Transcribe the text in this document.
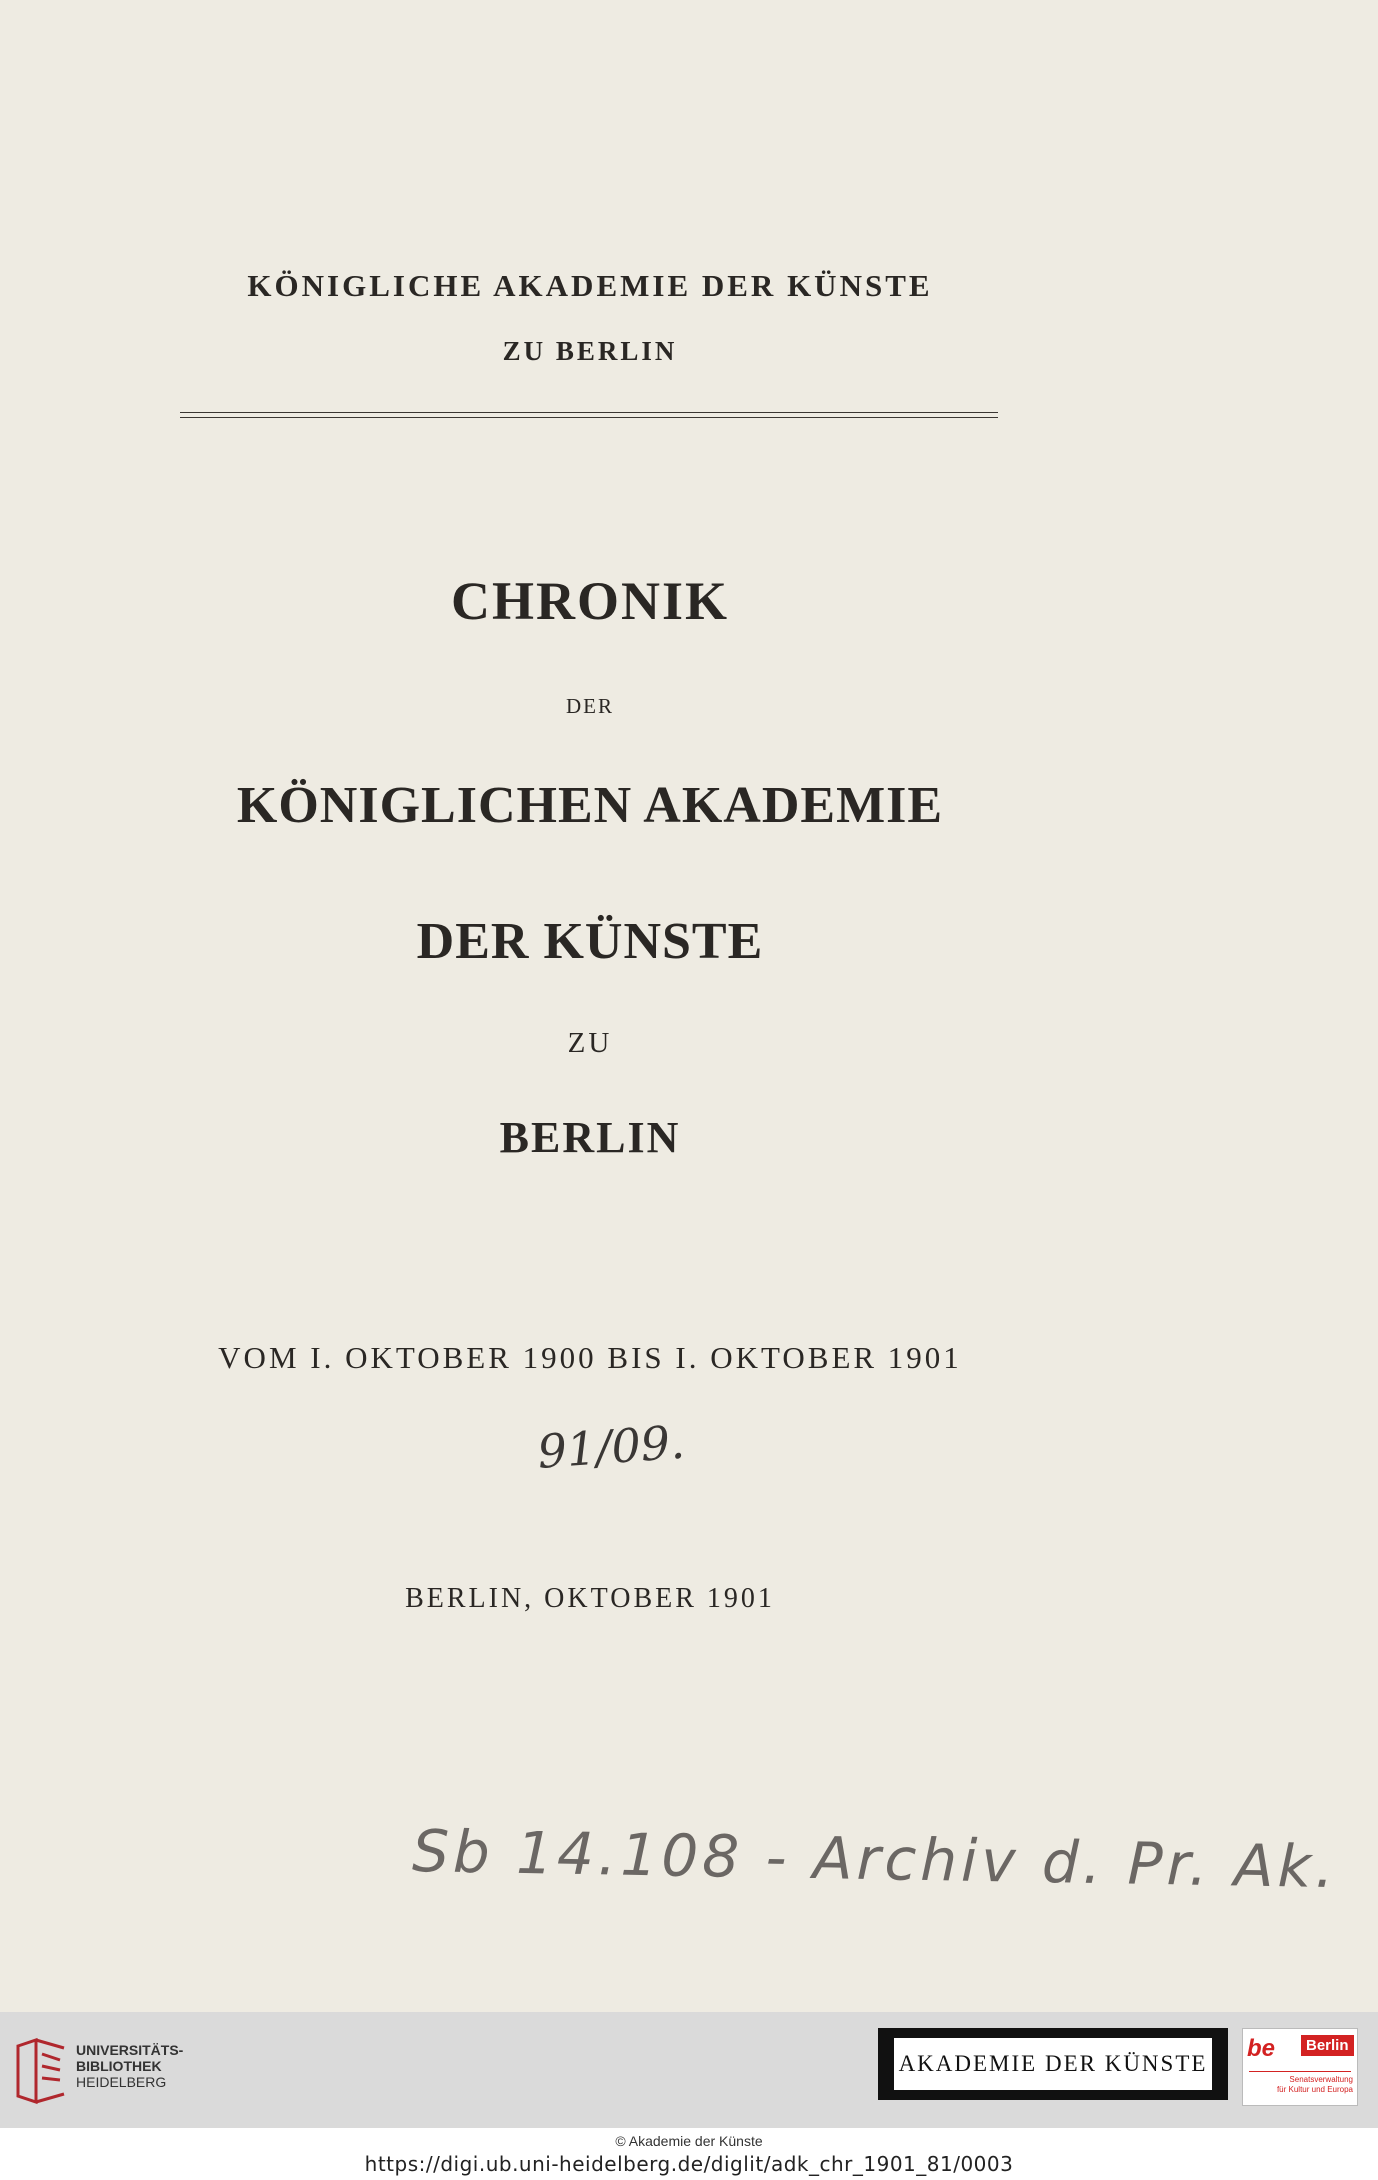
KÖNIGLICHE AKADEMIE DER KÜNSTE
ZU BERLIN
CHRONIK
DER
KÖNIGLICHEN AKADEMIE
DER KÜNSTE
ZU
BERLIN
VOM I. OKTOBER 1900 BIS I. OKTOBER 1901
91/09.
BERLIN, OKTOBER 1901
Sb 14.108 - Archiv d. Pr. Ak.
UNIVERSITÄTS-
BIBLIOTHEK
HEIDELBERG
AKADEMIE DER KÜNSTE
be	Berlin
Senatsverwaltung
für Kultur und Europa
© Akademie der Künste
https://digi.ub.uni-heidelberg.de/diglit/adk_chr_1901_81/0003
